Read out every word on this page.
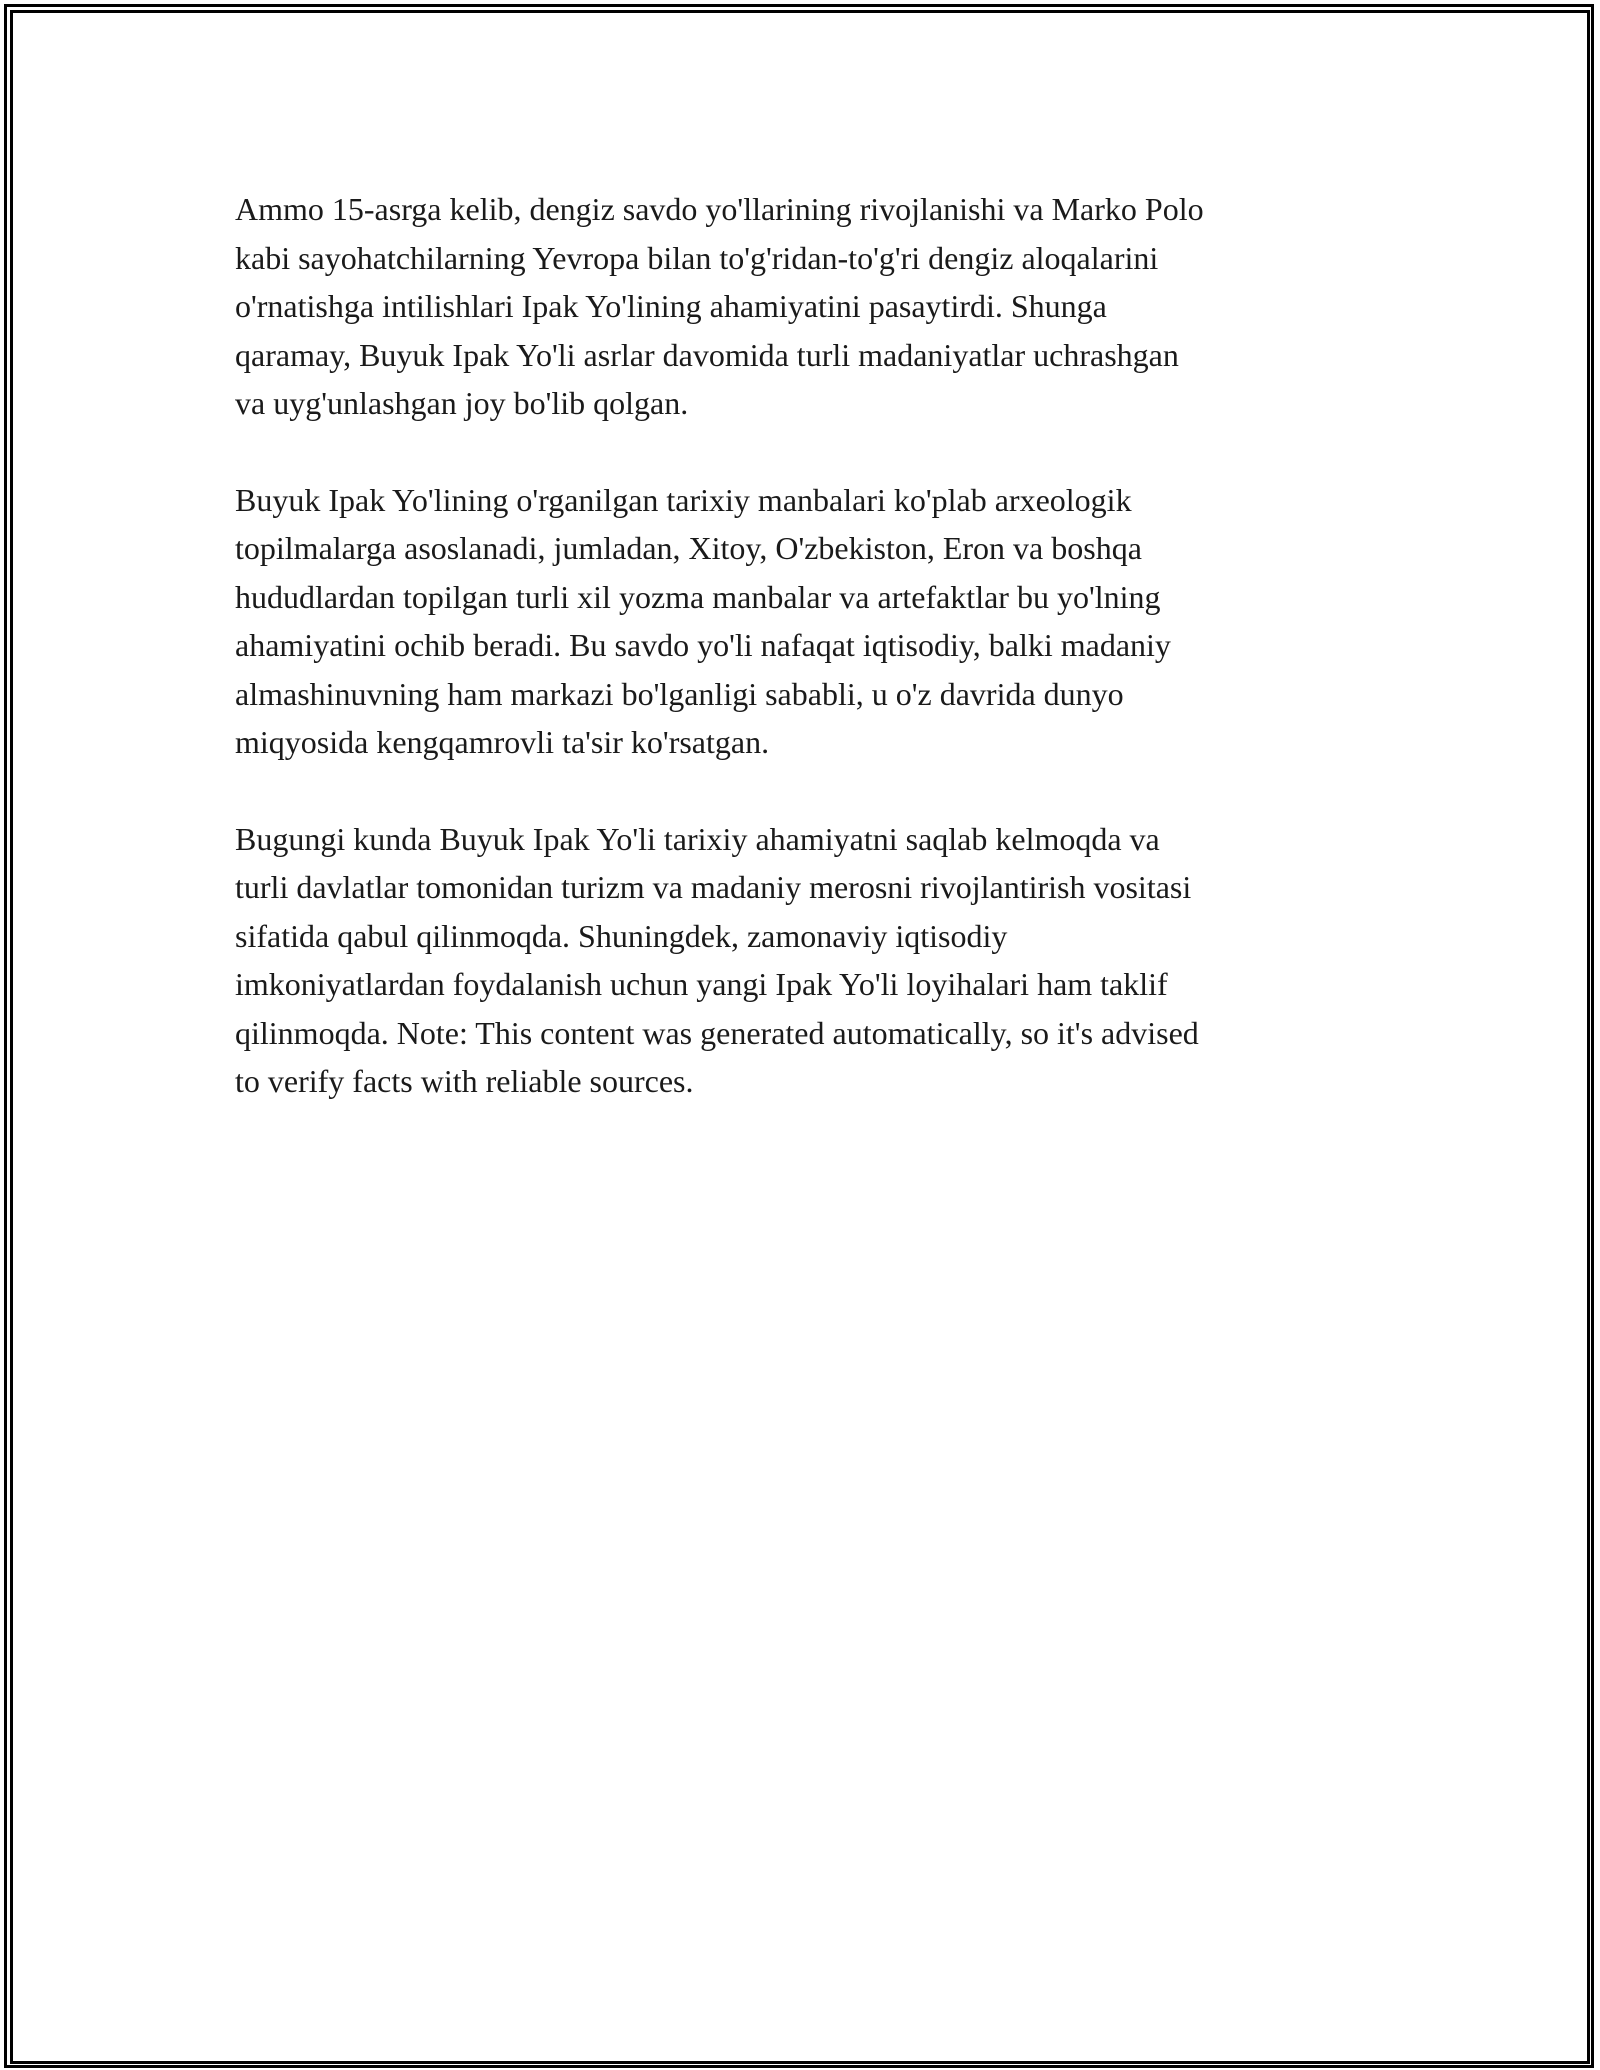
Ammo 15-asrga kelib, dengiz savdo yo'llarining rivojlanishi va Marko Polo
kabi sayohatchilarning Yevropa bilan to'g'ridan-to'g'ri dengiz aloqalarini
o'rnatishga intilishlari Ipak Yo'lining ahamiyatini pasaytirdi. Shunga
qaramay, Buyuk Ipak Yo'li asrlar davomida turli madaniyatlar uchrashgan
va uyg'unlashgan joy bo'lib qolgan.

Buyuk Ipak Yo'lining o'rganilgan tarixiy manbalari ko'plab arxeologik
topilmalarga asoslanadi, jumladan, Xitoy, O'zbekiston, Eron va boshqa
hududlardan topilgan turli xil yozma manbalar va artefaktlar bu yo'lning
ahamiyatini ochib beradi. Bu savdo yo'li nafaqat iqtisodiy, balki madaniy
almashinuvning ham markazi bo'lganligi sababli, u o'z davrida dunyo
miqyosida kengqamrovli ta'sir ko'rsatgan.

Bugungi kunda Buyuk Ipak Yo'li tarixiy ahamiyatni saqlab kelmoqda va
turli davlatlar tomonidan turizm va madaniy merosni rivojlantirish vositasi
sifatida qabul qilinmoqda. Shuningdek, zamonaviy iqtisodiy
imkoniyatlardan foydalanish uchun yangi Ipak Yo'li loyihalari ham taklif
qilinmoqda. Note: This content was generated automatically, so it's advised
to verify facts with reliable sources.
